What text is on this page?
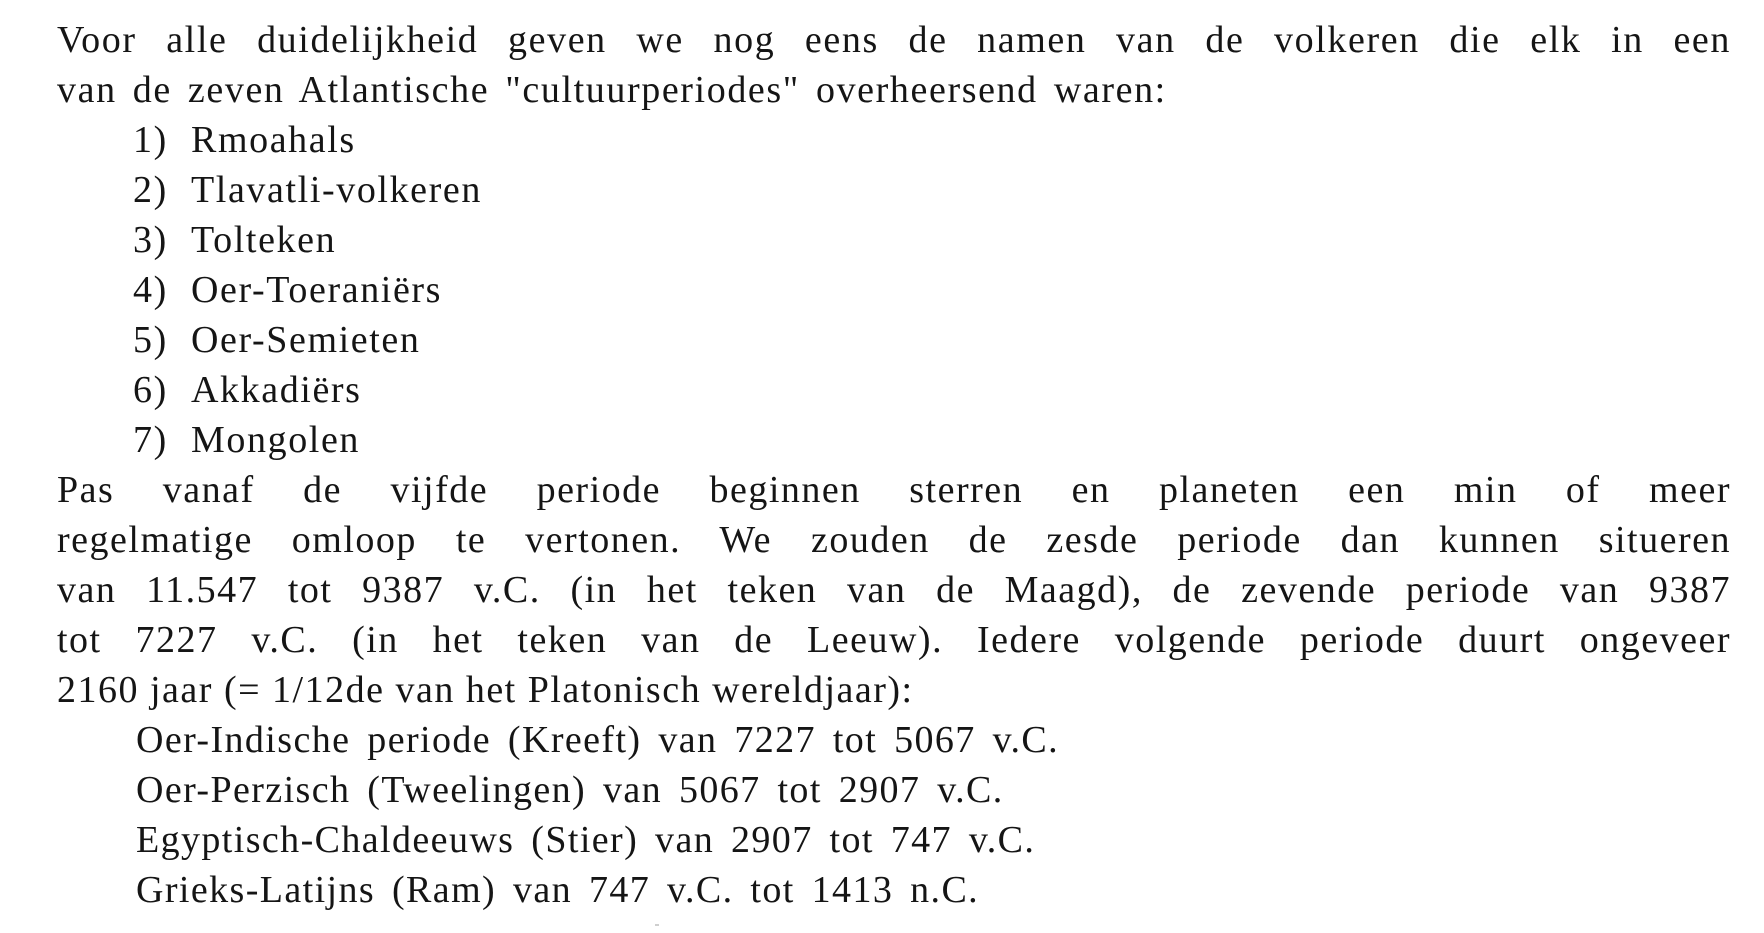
Voor alle duidelijkheid geven we nog eens de namen van de volkeren die elk in een
van de zeven Atlantische "cultuurperiodes" overheersend waren:
1) Rmoahals
2) Tlavatli-volkeren
3) Tolteken
4) Oer-Toeraniërs
5) Oer-Semieten
6) Akkadiërs
7) Mongolen
Pas vanaf de vijfde periode beginnen sterren en planeten een min of meer
regelmatige omloop te vertonen. We zouden de zesde periode dan kunnen situeren
van 11.547 tot 9387 v.C. (in het teken van de Maagd), de zevende periode van 9387
tot 7227 v.C. (in het teken van de Leeuw). Iedere volgende periode duurt ongeveer
2160 jaar (= 1/12de van het Platonisch wereldjaar):
Oer-Indische periode (Kreeft) van 7227 tot 5067 v.C.
Oer-Perzisch (Tweelingen) van 5067 tot 2907 v.C.
Egyptisch-Chaldeeuws (Stier) van 2907 tot 747 v.C.
Grieks-Latijns (Ram) van 747 v.C. tot 1413 n.C.
